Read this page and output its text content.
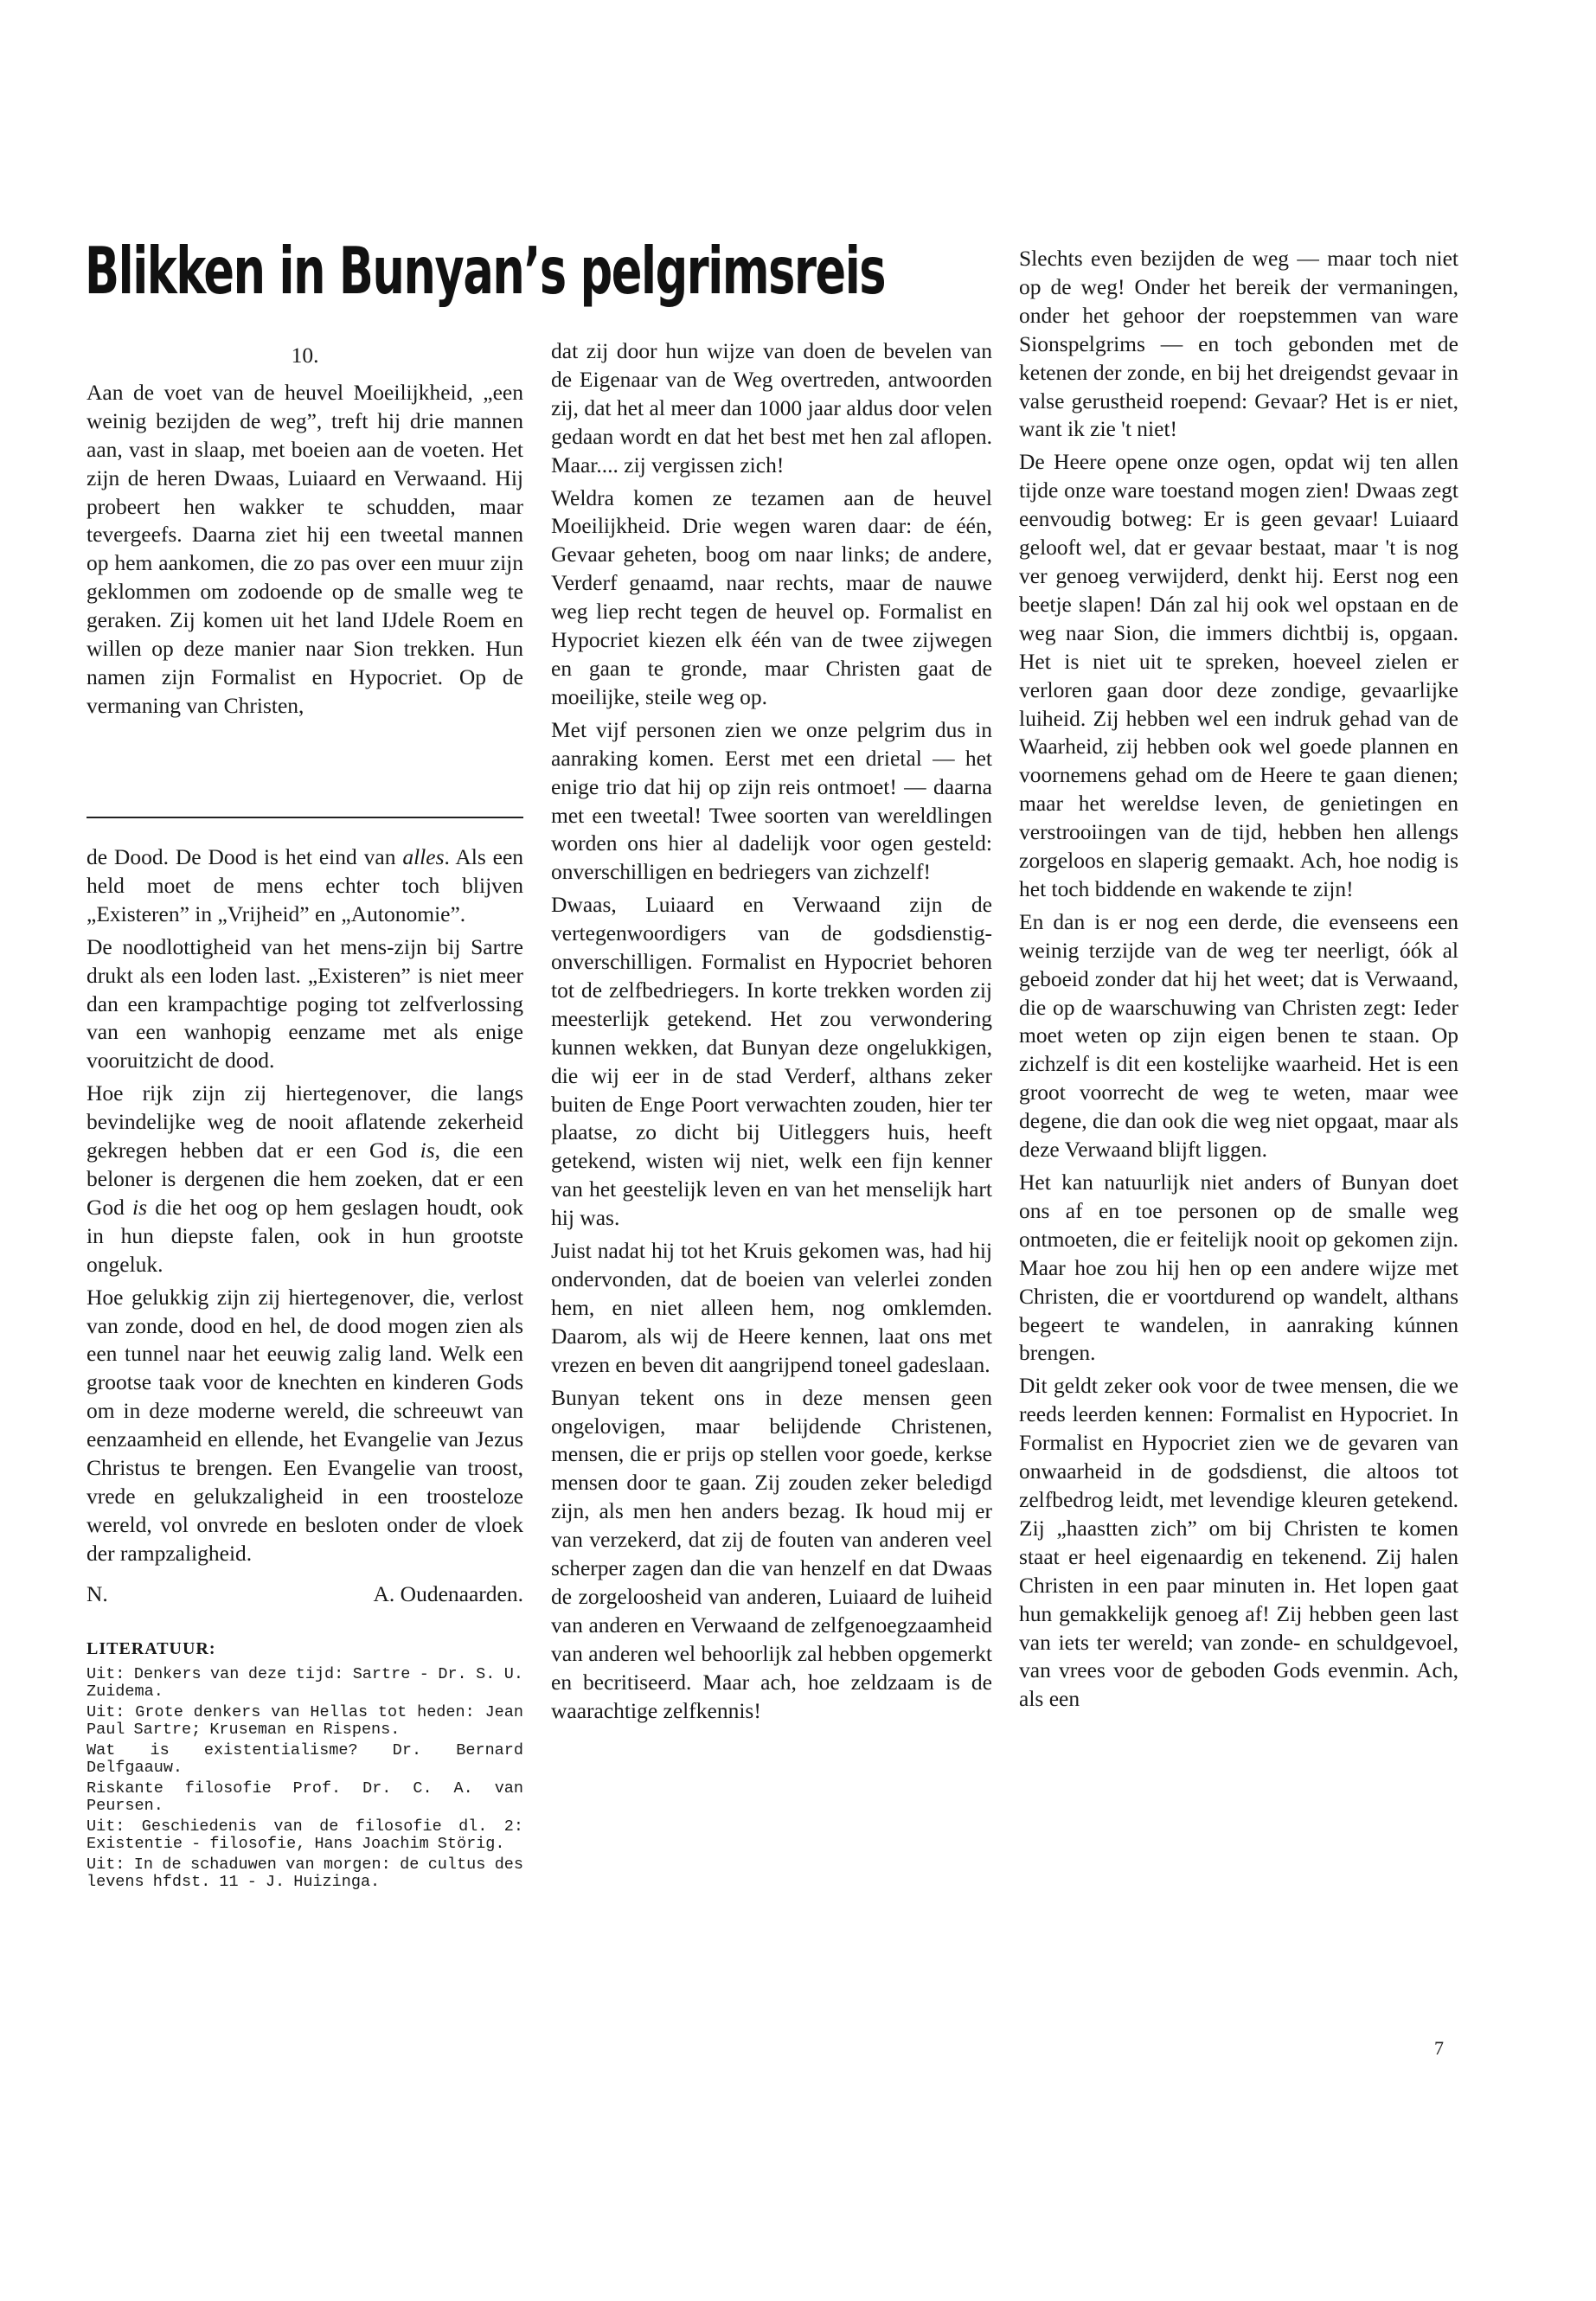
Blikken in Bunyan’s pelgrimsreis

10.

Aan de voet van de heuvel Moeilijkheid, „een weinig bezijden de weg”, treft hij drie mannen aan, vast in slaap, met boeien aan de voeten. Het zijn de heren Dwaas, Luiaard en Verwaand. Hij probeert hen wakker te schudden, maar tevergeefs. Daarna ziet hij een tweetal mannen op hem aankomen, die zo pas over een muur zijn geklommen om zodoende op de smalle weg te geraken. Zij komen uit het land IJdele Roem en willen op deze manier naar Sion trekken. Hun namen zijn Formalist en Hypocriet. Op de vermaning van Christen,

de Dood. De Dood is het eind van alles. Als een held moet de mens echter toch blijven „Existeren” in „Vrijheid” en „Autonomie”.

De noodlottigheid van het mens-zijn bij Sartre drukt als een loden last. „Existeren” is niet meer dan een krampachtige poging tot zelfverlossing van een wanhopig eenzame met als enige vooruitzicht de dood.

Hoe rijk zijn zij hiertegenover, die langs bevindelijke weg de nooit aflatende zekerheid gekregen hebben dat er een God is, die een beloner is dergenen die hem zoeken, dat er een God is die het oog op hem geslagen houdt, ook in hun diepste falen, ook in hun grootste ongeluk.

Hoe gelukkig zijn zij hiertegenover, die, verlost van zonde, dood en hel, de dood mogen zien als een tunnel naar het eeuwig zalig land. Welk een grootse taak voor de knechten en kinderen Gods om in deze moderne wereld, die schreeuwt van eenzaamheid en ellende, het Evangelie van Jezus Christus te brengen. Een Evangelie van troost, vrede en gelukzaligheid in een troosteloze wereld, vol onvrede en besloten onder de vloek der rampzaligheid.

N.	A. Oudenaarden.
LITERATUUR:

Uit: Denkers van deze tijd: Sartre - Dr. S. U. Zuidema.

Uit: Grote denkers van Hellas tot heden: Jean Paul Sartre; Kruseman en Rispens.

Wat is existentialisme? Dr. Bernard Delfgaauw.

Riskante filosofie Prof. Dr. C. A. van Peursen.

Uit: Geschiedenis van de filosofie dl. 2: Existentie - filosofie, Hans Joachim Störig.

Uit: In de schaduwen van morgen: de cultus des levens hfdst. 11 - J. Huizinga.

dat zij door hun wijze van doen de bevelen van de Eigenaar van de Weg overtreden, antwoorden zij, dat het al meer dan 1000 jaar aldus door velen gedaan wordt en dat het best met hen zal aflopen. Maar.... zij vergissen zich!

Weldra komen ze tezamen aan de heuvel Moeilijkheid. Drie wegen waren daar: de één, Gevaar geheten, boog om naar links; de andere, Verderf genaamd, naar rechts, maar de nauwe weg liep recht tegen de heuvel op. Formalist en Hypocriet kiezen elk één van de twee zijwegen en gaan te gronde, maar Christen gaat de moeilijke, steile weg op.

Met vijf personen zien we onze pelgrim dus in aanraking komen. Eerst met een drietal — het enige trio dat hij op zijn reis ontmoet! — daarna met een tweetal! Twee soorten van wereldlingen worden ons hier al dadelijk voor ogen gesteld: onverschilligen en bedriegers van zichzelf!

Dwaas, Luiaard en Verwaand zijn de vertegenwoordigers van de godsdienstig-onverschilligen. Formalist en Hypocriet behoren tot de zelfbedriegers. In korte trekken worden zij meesterlijk getekend. Het zou verwondering kunnen wekken, dat Bunyan deze ongelukkigen, die wij eer in de stad Verderf, althans zeker buiten de Enge Poort verwachten zouden, hier ter plaatse, zo dicht bij Uitleggers huis, heeft getekend, wisten wij niet, welk een fijn kenner van het geestelijk leven en van het menselijk hart hij was.

Juist nadat hij tot het Kruis gekomen was, had hij ondervonden, dat de boeien van velerlei zonden hem, en niet alleen hem, nog omklemden. Daarom, als wij de Heere kennen, laat ons met vrezen en beven dit aangrijpend toneel gadeslaan.

Bunyan tekent ons in deze mensen geen ongelovigen, maar belijdende Christenen, mensen, die er prijs op stellen voor goede, kerkse mensen door te gaan. Zij zouden zeker beledigd zijn, als men hen anders bezag. Ik houd mij er van verzekerd, dat zij de fouten van anderen veel scherper zagen dan die van henzelf en dat Dwaas de zorgeloosheid van anderen, Luiaard de luiheid van anderen en Verwaand de zelfgenoegzaamheid van anderen wel behoorlijk zal hebben opgemerkt en becritiseerd. Maar ach, hoe zeldzaam is de waarachtige zelfkennis!

Slechts even bezijden de weg — maar toch niet op de weg! Onder het bereik der vermaningen, onder het gehoor der roepstemmen van ware Sionspelgrims — en toch gebonden met de ketenen der zonde, en bij het dreigendst gevaar in valse gerustheid roepend: Gevaar? Het is er niet, want ik zie 't niet!

De Heere opene onze ogen, opdat wij ten allen tijde onze ware toestand mogen zien! Dwaas zegt eenvoudig botweg: Er is geen gevaar! Luiaard gelooft wel, dat er gevaar bestaat, maar 't is nog ver genoeg verwijderd, denkt hij. Eerst nog een beetje slapen! Dán zal hij ook wel opstaan en de weg naar Sion, die immers dichtbij is, opgaan. Het is niet uit te spreken, hoeveel zielen er verloren gaan door deze zondige, gevaarlijke luiheid. Zij hebben wel een indruk gehad van de Waarheid, zij hebben ook wel goede plannen en voornemens gehad om de Heere te gaan dienen; maar het wereldse leven, de genietingen en verstrooiingen van de tijd, hebben hen allengs zorgeloos en slaperig gemaakt. Ach, hoe nodig is het toch biddende en wakende te zijn!

En dan is er nog een derde, die evenseens een weinig terzijde van de weg ter neerligt, óók al geboeid zonder dat hij het weet; dat is Verwaand, die op de waarschuwing van Christen zegt: Ieder moet weten op zijn eigen benen te staan. Op zichzelf is dit een kostelijke waarheid. Het is een groot voorrecht de weg te weten, maar wee degene, die dan ook die weg niet opgaat, maar als deze Verwaand blijft liggen.

Het kan natuurlijk niet anders of Bunyan doet ons af en toe personen op de smalle weg ontmoeten, die er feitelijk nooit op gekomen zijn. Maar hoe zou hij hen op een andere wijze met Christen, die er voortdurend op wandelt, althans begeert te wandelen, in aanraking kúnnen brengen.

Dit geldt zeker ook voor de twee mensen, die we reeds leerden kennen: Formalist en Hypocriet. In Formalist en Hypocriet zien we de gevaren van onwaarheid in de godsdienst, die altoos tot zelfbedrog leidt, met levendige kleuren getekend. Zij „haastten zich” om bij Christen te komen staat er heel eigenaardig en tekenend. Zij halen Christen in een paar minuten in. Het lopen gaat hun gemakkelijk genoeg af! Zij hebben geen last van iets ter wereld; van zonde- en schuldgevoel, van vrees voor de geboden Gods evenmin. Ach, als een

7
